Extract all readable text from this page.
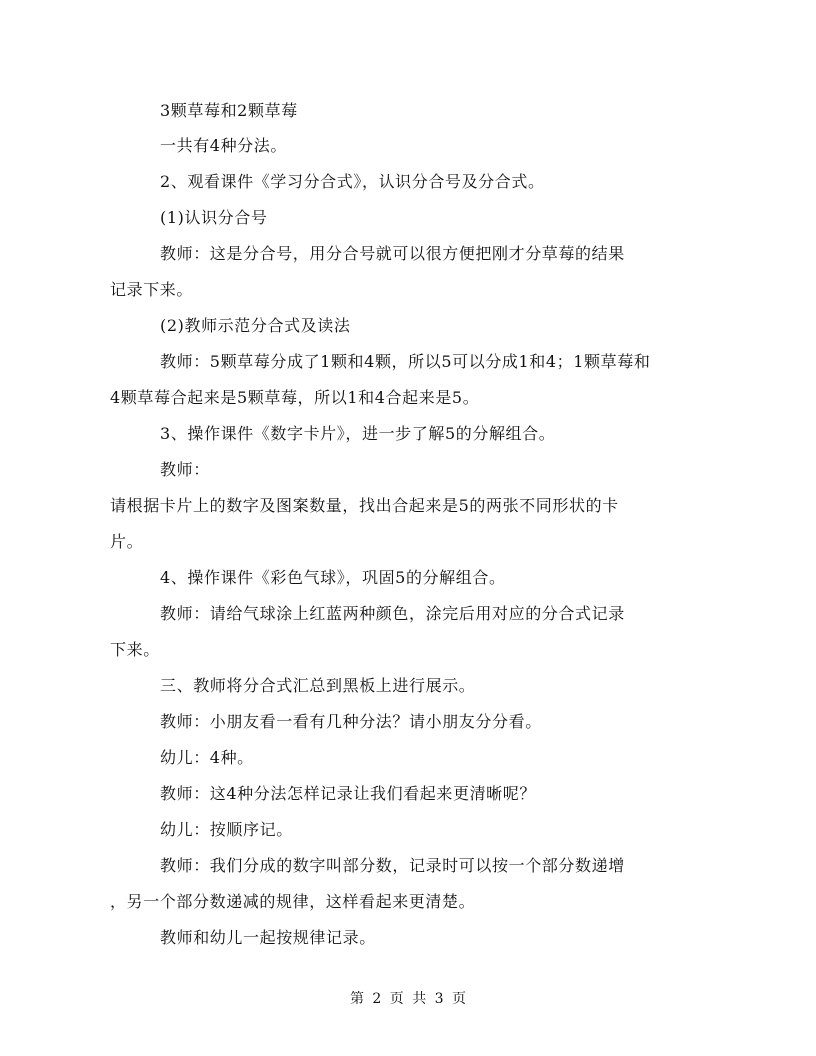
3颗草莓和2颗草莓
一共有4种分法。
2、观看课件《学习分合式》，认识分合号及分合式。
(1)认识分合号
教师：这是分合号，用分合号就可以很方便把刚才分草莓的结果
记录下来。
(2)教师示范分合式及读法
教师：5颗草莓分成了1颗和4颗，所以5可以分成1和4；1颗草莓和
4颗草莓合起来是5颗草莓，所以1和4合起来是5。
3、操作课件《数字卡片》，进一步了解5的分解组合。
教师：
请根据卡片上的数字及图案数量，找出合起来是5的两张不同形状的卡
片。
4、操作课件《彩色气球》，巩固5的分解组合。
教师：请给气球涂上红蓝两种颜色，涂完后用对应的分合式记录
下来。
三、教师将分合式汇总到黑板上进行展示。
教师：小朋友看一看有几种分法？请小朋友分分看。
幼儿：4种。
教师：这4种分法怎样记录让我们看起来更清晰呢？
幼儿：按顺序记。
教师：我们分成的数字叫部分数，记录时可以按一个部分数递增
，另一个部分数递减的规律，这样看起来更清楚。
教师和幼儿一起按规律记录。
第 2 页 共 3 页
